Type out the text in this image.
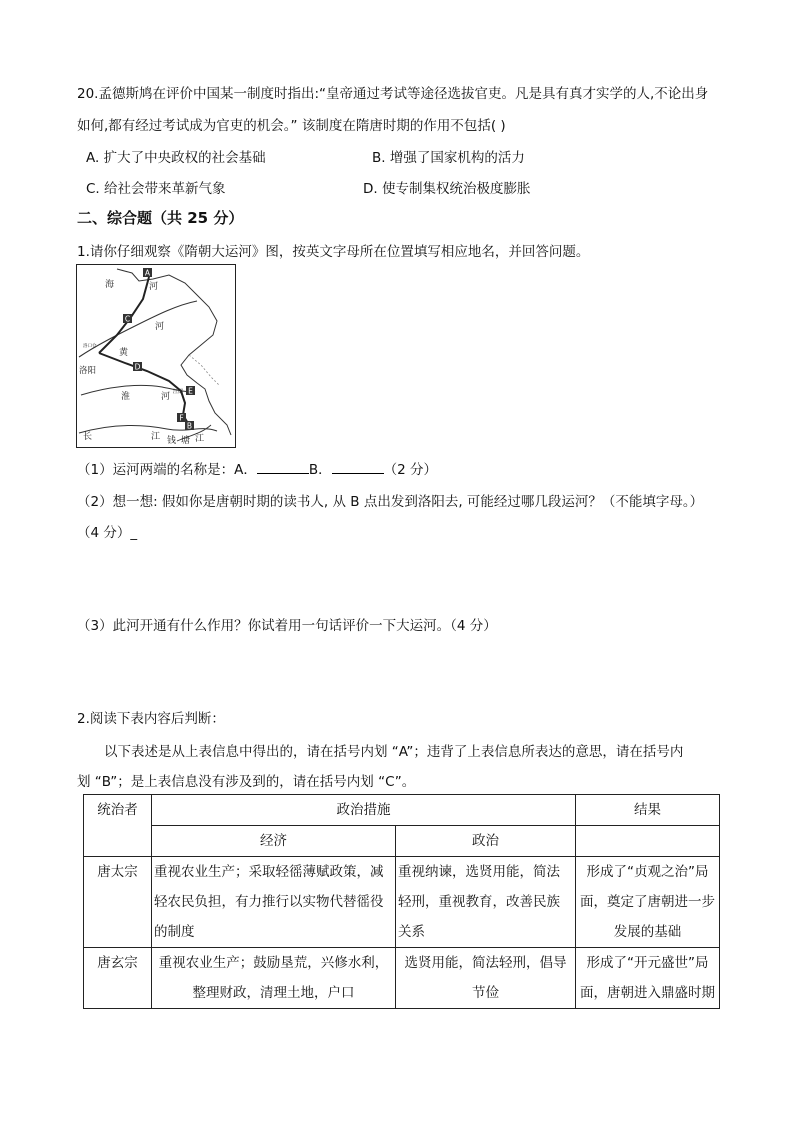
20.孟德斯鸠在评价中国某一制度时指出:“皇帝通过考试等途径选拔官吏。凡是具有真才实学的人,不论出身
如何,都有经过考试成为官吏的机会。” 该制度在隋唐时期的作用不包括( )
A. 扩大了中央政权的社会基础	B. 增强了国家机构的活力
C. 给社会带来革新气象	D. 使专制集权统治极度膨胀
二、综合题（共 25 分）
1.请你仔细观察《隋朝大运河》图，按英文字母所在位置填写相应地名，并回答问题。
A
C
D
E
F
B
海	河
河
黄
洛阳
淮	河
长	江 钱 塘 江
洛口仓
江都
（1）运河两端的名称是：A．	B．	（2 分）
（2）想一想: 假如你是唐朝时期的读书人, 从 B 点出发到洛阳去, 可能经过哪几段运河？（不能填字母。）
（4 分）_
（3）此河开通有什么作用？你试着用一句话评价一下大运河。（4 分）
2.阅读下表内容后判断：
以下表述是从上表信息中得出的，请在括号内划 “A”；违背了上表信息所表达的意思，请在括号内
划 “B”；是上表信息没有涉及到的，请在括号内划 “C”。
统治者	政治措施		结果
	经济	政治	
唐太宗	重视农业生产；采取轻徭薄赋政策，减轻农民负担，有力推行以实物代替徭役的制度	重视纳谏，选贤用能，简法轻刑，重视教育，改善民族关系	形成了“贞观之治”局面，奠定了唐朝进一步发展的基础
唐玄宗	重视农业生产；鼓励垦荒，兴修水利，整理财政，清理土地，户口	选贤用能，简法轻刑，倡导节俭	形成了“开元盛世”局面，唐朝进入鼎盛时期
